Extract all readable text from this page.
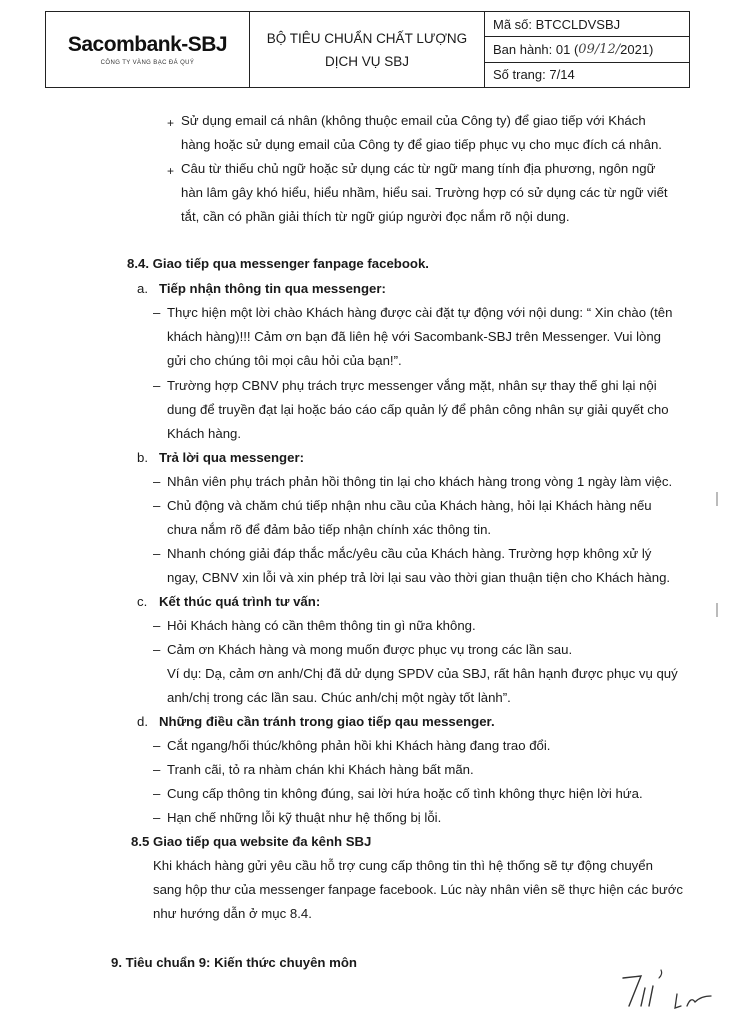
Sacombank-SBJ
CÔNG TY VÀNG BẠC ĐÁ QUÝ
BỘ TIÊU CHUẨN CHẤT LƯỢNG
DỊCH VỤ SBJ
Mã số: BTCCLDVSBJ
Ban hành: 01 ( 09/12/ 2021)
Số trang: 7/14
+ Sử dụng email cá nhân (không thuộc email của Công ty) để giao tiếp với Khách
hàng hoặc sử dụng email của Công ty để giao tiếp phục vụ cho mục đích cá nhân.
+ Câu từ thiếu chủ ngữ hoặc sử dụng các từ ngữ mang tính địa phương, ngôn ngữ
hàn lâm gây khó hiểu, hiểu nhầm, hiểu sai. Trường hợp có sử dụng các từ ngữ viết
tắt, cần có phần giải thích từ ngữ giúp người đọc nắm rõ nội dung.
8.4. Giao tiếp qua messenger fanpage facebook.
a. Tiếp nhận thông tin qua messenger:
– Thực hiện một lời chào Khách hàng được cài đặt tự động với nội dung: “ Xin chào (tên
khách hàng)!!! Cảm ơn bạn đã liên hệ với Sacombank-SBJ trên Messenger. Vui lòng
gửi cho chúng tôi mọi câu hỏi của bạn!”.
– Trường hợp CBNV phụ trách trực messenger vắng mặt, nhân sự thay thế ghi lại nội
dung để truyền đạt lại hoặc báo cáo cấp quản lý để phân công nhân sự giải quyết cho
Khách hàng.
b. Trả lời qua messenger:
– Nhân viên phụ trách phản hồi thông tin lại cho khách hàng trong vòng 1 ngày làm việc.
– Chủ động và chăm chú tiếp nhận nhu cầu của Khách hàng, hỏi lại Khách hàng nếu
chưa nắm rõ để đảm bảo tiếp nhận chính xác thông tin.
– Nhanh chóng giải đáp thắc mắc/yêu cầu của Khách hàng. Trường hợp không xử lý
ngay, CBNV xin lỗi và xin phép trả lời lại sau vào thời gian thuận tiện cho Khách hàng.
c. Kết thúc quá trình tư vấn:
– Hỏi Khách hàng có cần thêm thông tin gì nữa không.
– Cảm ơn Khách hàng và mong muốn được phục vụ trong các lần sau.
Ví dụ: Dạ, cảm ơn anh/Chị đã dử dụng SPDV của SBJ, rất hân hạnh được phục vụ quý
anh/chị trong các lần sau. Chúc anh/chị một ngày tốt lành”.
d. Những điều cần tránh trong giao tiếp qau messenger.
– Cắt ngang/hối thúc/không phản hồi khi Khách hàng đang trao đổi.
– Tranh cãi, tỏ ra nhàm chán khi Khách hàng bất mãn.
– Cung cấp thông tin không đúng, sai lời hứa hoặc cố tình không thực hiện lời hứa.
– Hạn chế những lỗi kỹ thuật như hệ thống bị lỗi.
8.5 Giao tiếp qua website đa kênh SBJ
Khi khách hàng gửi yêu cầu hỗ trợ cung cấp thông tin thì hệ thống sẽ tự động chuyển
sang hộp thư của messenger fanpage facebook. Lúc này nhân viên sẽ thực hiện các bước
như hướng dẫn ở mục 8.4.
9. Tiêu chuẩn 9: Kiến thức chuyên môn
